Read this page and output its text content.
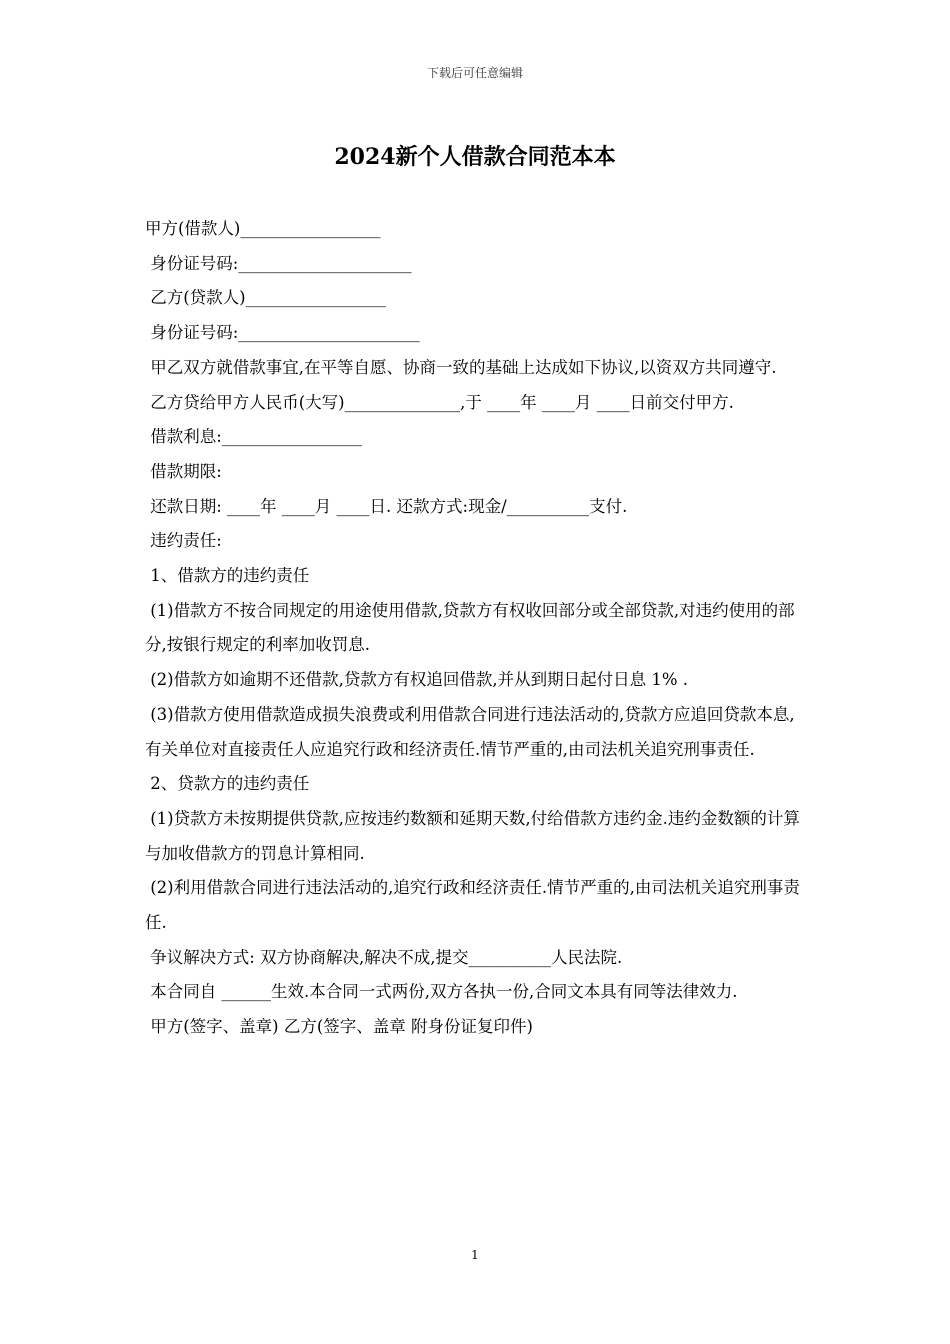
下载后可任意编辑
2024新个人借款合同范本本

甲方(借款人)_________________

身份证号码:_____________________

乙方(贷款人)_________________

身份证号码:______________________

甲乙双方就借款事宜,在平等自愿、协商一致的基础上达成如下协议,以资双方共同遵守.

乙方贷给甲方人民币(大写)______________,于 ____年 ____月 ____日前交付甲方.

借款利息:_________________

借款期限:

还款日期: ____年 ____月 ____日. 还款方式:现金/__________支付.

违约责任:

1、借款方的违约责任

(1)借款方不按合同规定的用途使用借款,贷款方有权收回部分或全部贷款,对违约使用的部分,按银行规定的利率加收罚息.

(2)借款方如逾期不还借款,贷款方有权追回借款,并从到期日起付日息 1% .

(3)借款方使用借款造成损失浪费或利用借款合同进行违法活动的,贷款方应追回贷款本息,有关单位对直接责任人应追究行政和经济责任.情节严重的,由司法机关追究刑事责任.

2、贷款方的违约责任

(1)贷款方未按期提供贷款,应按违约数额和延期天数,付给借款方违约金.违约金数额的计算与加收借款方的罚息计算相同.

(2)利用借款合同进行违法活动的,追究行政和经济责任.情节严重的,由司法机关追究刑事责任.

争议解决方式: 双方协商解决,解决不成,提交__________人民法院.

本合同自 ______生效.本合同一式两份,双方各执一份,合同文本具有同等法律效力.

甲方(签字、盖章) 乙方(签字、盖章 附身份证复印件)

1
